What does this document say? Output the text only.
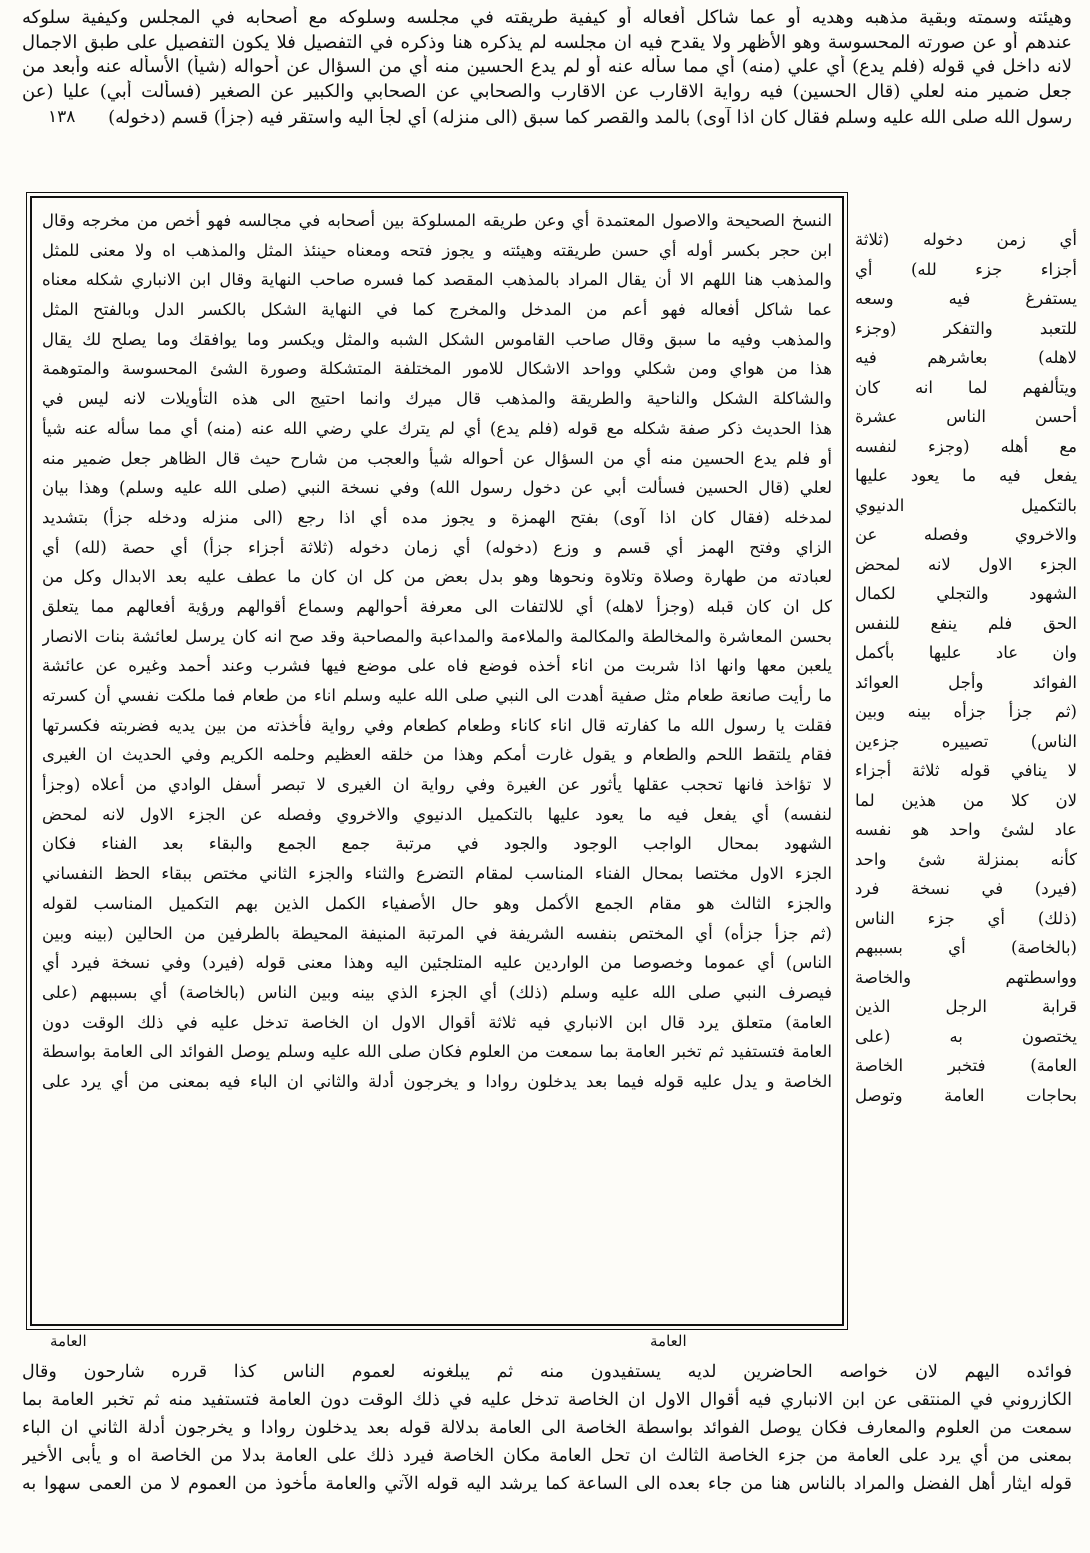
وهيئته وسمته وبقية مذهبه وهديه أو عما شاكل أفعاله أو كيفية طريقته في مجلسه وسلوكه مع أصحابه في المجلس وكيفية سلوكه
عندهم أو عن صورته المحسوسة وهو الأظهر ولا يقدح فيه ان مجلسه لم يذكره هنا وذكره في التفصيل فلا يكون التفصيل على طبق الاجمال
لانه داخل في قوله (فلم يدع) أي علي (منه) أي مما سأله عنه أو لم يدع الحسين منه أي من السؤال عن أحواله (شيأ) الأسأله عنه وأبعد من
جعل ضمير منه لعلي (قال الحسين) فيه رواية الاقارب عن الاقارب والصحابي عن الصحابي والكبير عن الصغير (فسألت أبي) عليا (عن
رسول الله صلى الله عليه وسلم فقال كان اذا آوى) بالمد والقصر كما سبق (الى منزله) أي لجأ اليه واستقر فيه (جزأ) قسم (دخوله)
١٣٨
أي زمن دخوله (ثلاثة
أجزاء جزء لله) أي
يستفرغ فيه وسعه
للتعبد والتفكر (وجزء
لاهله) بعاشرهم فيه
ويتألفهم لما انه كان
أحسن الناس عشرة
مع أهله (وجزء لنفسه
يفعل فيه ما يعود عليها
بالتكميل الدنيوي
والاخروي وفصله عن
الجزء الاول لانه لمحض
الشهود والتجلي لكمال
الحق فلم ينفع للنفس
وان عاد عليها بأكمل
الفوائد وأجل العوائد
(ثم جزأ جزأه بينه وبين
الناس) تصييره جزءين
لا ينافي قوله ثلاثة أجزاء
لان كلا من هذين لما
عاد لشئ واحد هو نفسه
كأنه بمنزلة شئ واحد
(فيرد) في نسخة فرد
(ذلك) أي جزء الناس
(بالخاصة) أي بسببهم
وواسطتهم والخاصة
قرابة الرجل الذين
يختصون به (على
العامة) فتخبر الخاصة
بحاجات العامة وتوصل
النسخ الصحيحة والاصول المعتمدة أي وعن طريقه المسلوكة بين أصحابه في مجالسه فهو أخص من مخرجه وقال
ابن حجر بكسر أوله أي حسن طريقته وهيئته و يجوز فتحه ومعناه حينئذ المثل والمذهب اه ولا معنى للمثل
والمذهب هنا اللهم الا أن يقال المراد بالمذهب المقصد كما فسره صاحب النهاية وقال ابن الانباري شكله معناه
عما شاكل أفعاله فهو أعم من المدخل والمخرج كما في النهاية الشكل بالكسر الدل وبالفتح المثل
والمذهب وفيه ما سبق وقال صاحب القاموس الشكل الشبه والمثل ويكسر وما يوافقك وما يصلح لك يقال
هذا من هواي ومن شكلي وواحد الاشكال للامور المختلفة المتشكلة وصورة الشئ المحسوسة والمتوهمة
والشاكلة الشكل والناحية والطريقة والمذهب قال ميرك وانما احتيج الى هذه التأويلات لانه ليس في
هذا الحديث ذكر صفة شكله مع قوله (فلم يدع) أي لم يترك علي رضي الله عنه (منه) أي مما سأله عنه شيأ
أو فلم يدع الحسين منه أي من السؤال عن أحواله شيأ والعجب من شارح حيث قال الظاهر جعل ضمير منه
لعلي (قال الحسين فسألت أبي عن دخول رسول الله) وفي نسخة النبي (صلى الله عليه وسلم) وهذا بيان
لمدخله (فقال كان اذا آوى) بفتح الهمزة و يجوز مده أي اذا رجع (الى منزله ودخله جزأ) بتشديد
الزاي وفتح الهمز أي قسم و وزع (دخوله) أي زمان دخوله (ثلاثة أجزاء جزأ) أي حصة (لله) أي
لعبادته من طهارة وصلاة وتلاوة ونحوها وهو بدل بعض من كل ان كان ما عطف عليه بعد الابدال وكل من
كل ان كان قبله (وجزأ لاهله) أي للالتفات الى معرفة أحوالهم وسماع أقوالهم ورؤية أفعالهم مما يتعلق
بحسن المعاشرة والمخالطة والمكالمة والملاءمة والمداعبة والمصاحبة وقد صح انه كان يرسل لعائشة بنات الانصار
يلعبن معها وانها اذا شربت من اناء أخذه فوضع فاه على موضع فيها فشرب وعند أحمد وغيره عن عائشة
ما رأيت صانعة طعام مثل صفية أهدت الى النبي صلى الله عليه وسلم اناء من طعام فما ملكت نفسي أن كسرته
فقلت يا رسول الله ما كفارته قال اناء كاناء وطعام كطعام وفي رواية فأخذته من بين يديه فضربته فكسرتها
فقام يلتقط اللحم والطعام و يقول غارت أمكم وهذا من خلقه العظيم وحلمه الكريم وفي الحديث ان الغيرى
لا تؤاخذ فانها تحجب عقلها يأثور عن الغيرة وفي رواية ان الغيرى لا تبصر أسفل الوادي من أعلاه (وجزأ
لنفسه) أي يفعل فيه ما يعود عليها بالتكميل الدنيوي والاخروي وفصله عن الجزء الاول لانه لمحض
الشهود بمحال الواجب الوجود والجود في مرتبة جمع الجمع والبقاء بعد الفناء فكان
الجزء الاول مختصا بمحال الفناء المناسب لمقام التضرع والثناء والجزء الثاني مختص ببقاء الحظ النفساني
والجزء الثالث هو مقام الجمع الأكمل وهو حال الأصفياء الكمل الذين بهم التكميل المناسب لقوله
(ثم جزأ جزأه) أي المختص بنفسه الشريفة في المرتبة المنيفة المحيطة بالطرفين من الحالين (بينه وبين
الناس) أي عموما وخصوصا من الواردين عليه المتلجئين اليه وهذا معنى قوله (فيرد) وفي نسخة فيرد أي
فيصرف النبي صلى الله عليه وسلم (ذلك) أي الجزء الذي بينه وبين الناس (بالخاصة) أي بسببهم (على
العامة) متعلق يرد قال ابن الانباري فيه ثلاثة أقوال الاول ان الخاصة تدخل عليه في ذلك الوقت دون
العامة فتستفيد ثم تخبر العامة بما سمعت من العلوم فكان صلى الله عليه وسلم يوصل الفوائد الى العامة بواسطة
الخاصة و يدل عليه قوله فيما بعد يدخلون روادا و يخرجون أدلة والثاني ان الباء فيه بمعنى من أي يرد على
العامة	العامة
فوائده اليهم لان خواصه الحاضرين لديه يستفيدون منه ثم يبلغونه لعموم الناس كذا قرره شارحون وقال
الكازروني في المنتقى عن ابن الانباري فيه أقوال الاول ان الخاصة تدخل عليه في ذلك الوقت دون العامة فتستفيد منه ثم تخبر العامة بما
سمعت من العلوم والمعارف فكان يوصل الفوائد بواسطة الخاصة الى العامة بدلالة قوله بعد يدخلون روادا و يخرجون أدلة الثاني ان الباء
بمعنى من أي يرد على العامة من جزء الخاصة الثالث ان تحل العامة مكان الخاصة فيرد ذلك على العامة بدلا من الخاصة اه و يأبى الأخير
قوله ايثار أهل الفضل والمراد بالناس هنا من جاء بعده الى الساعة كما يرشد اليه قوله الآتي والعامة مأخوذ من العموم لا من العمى سهوا به
